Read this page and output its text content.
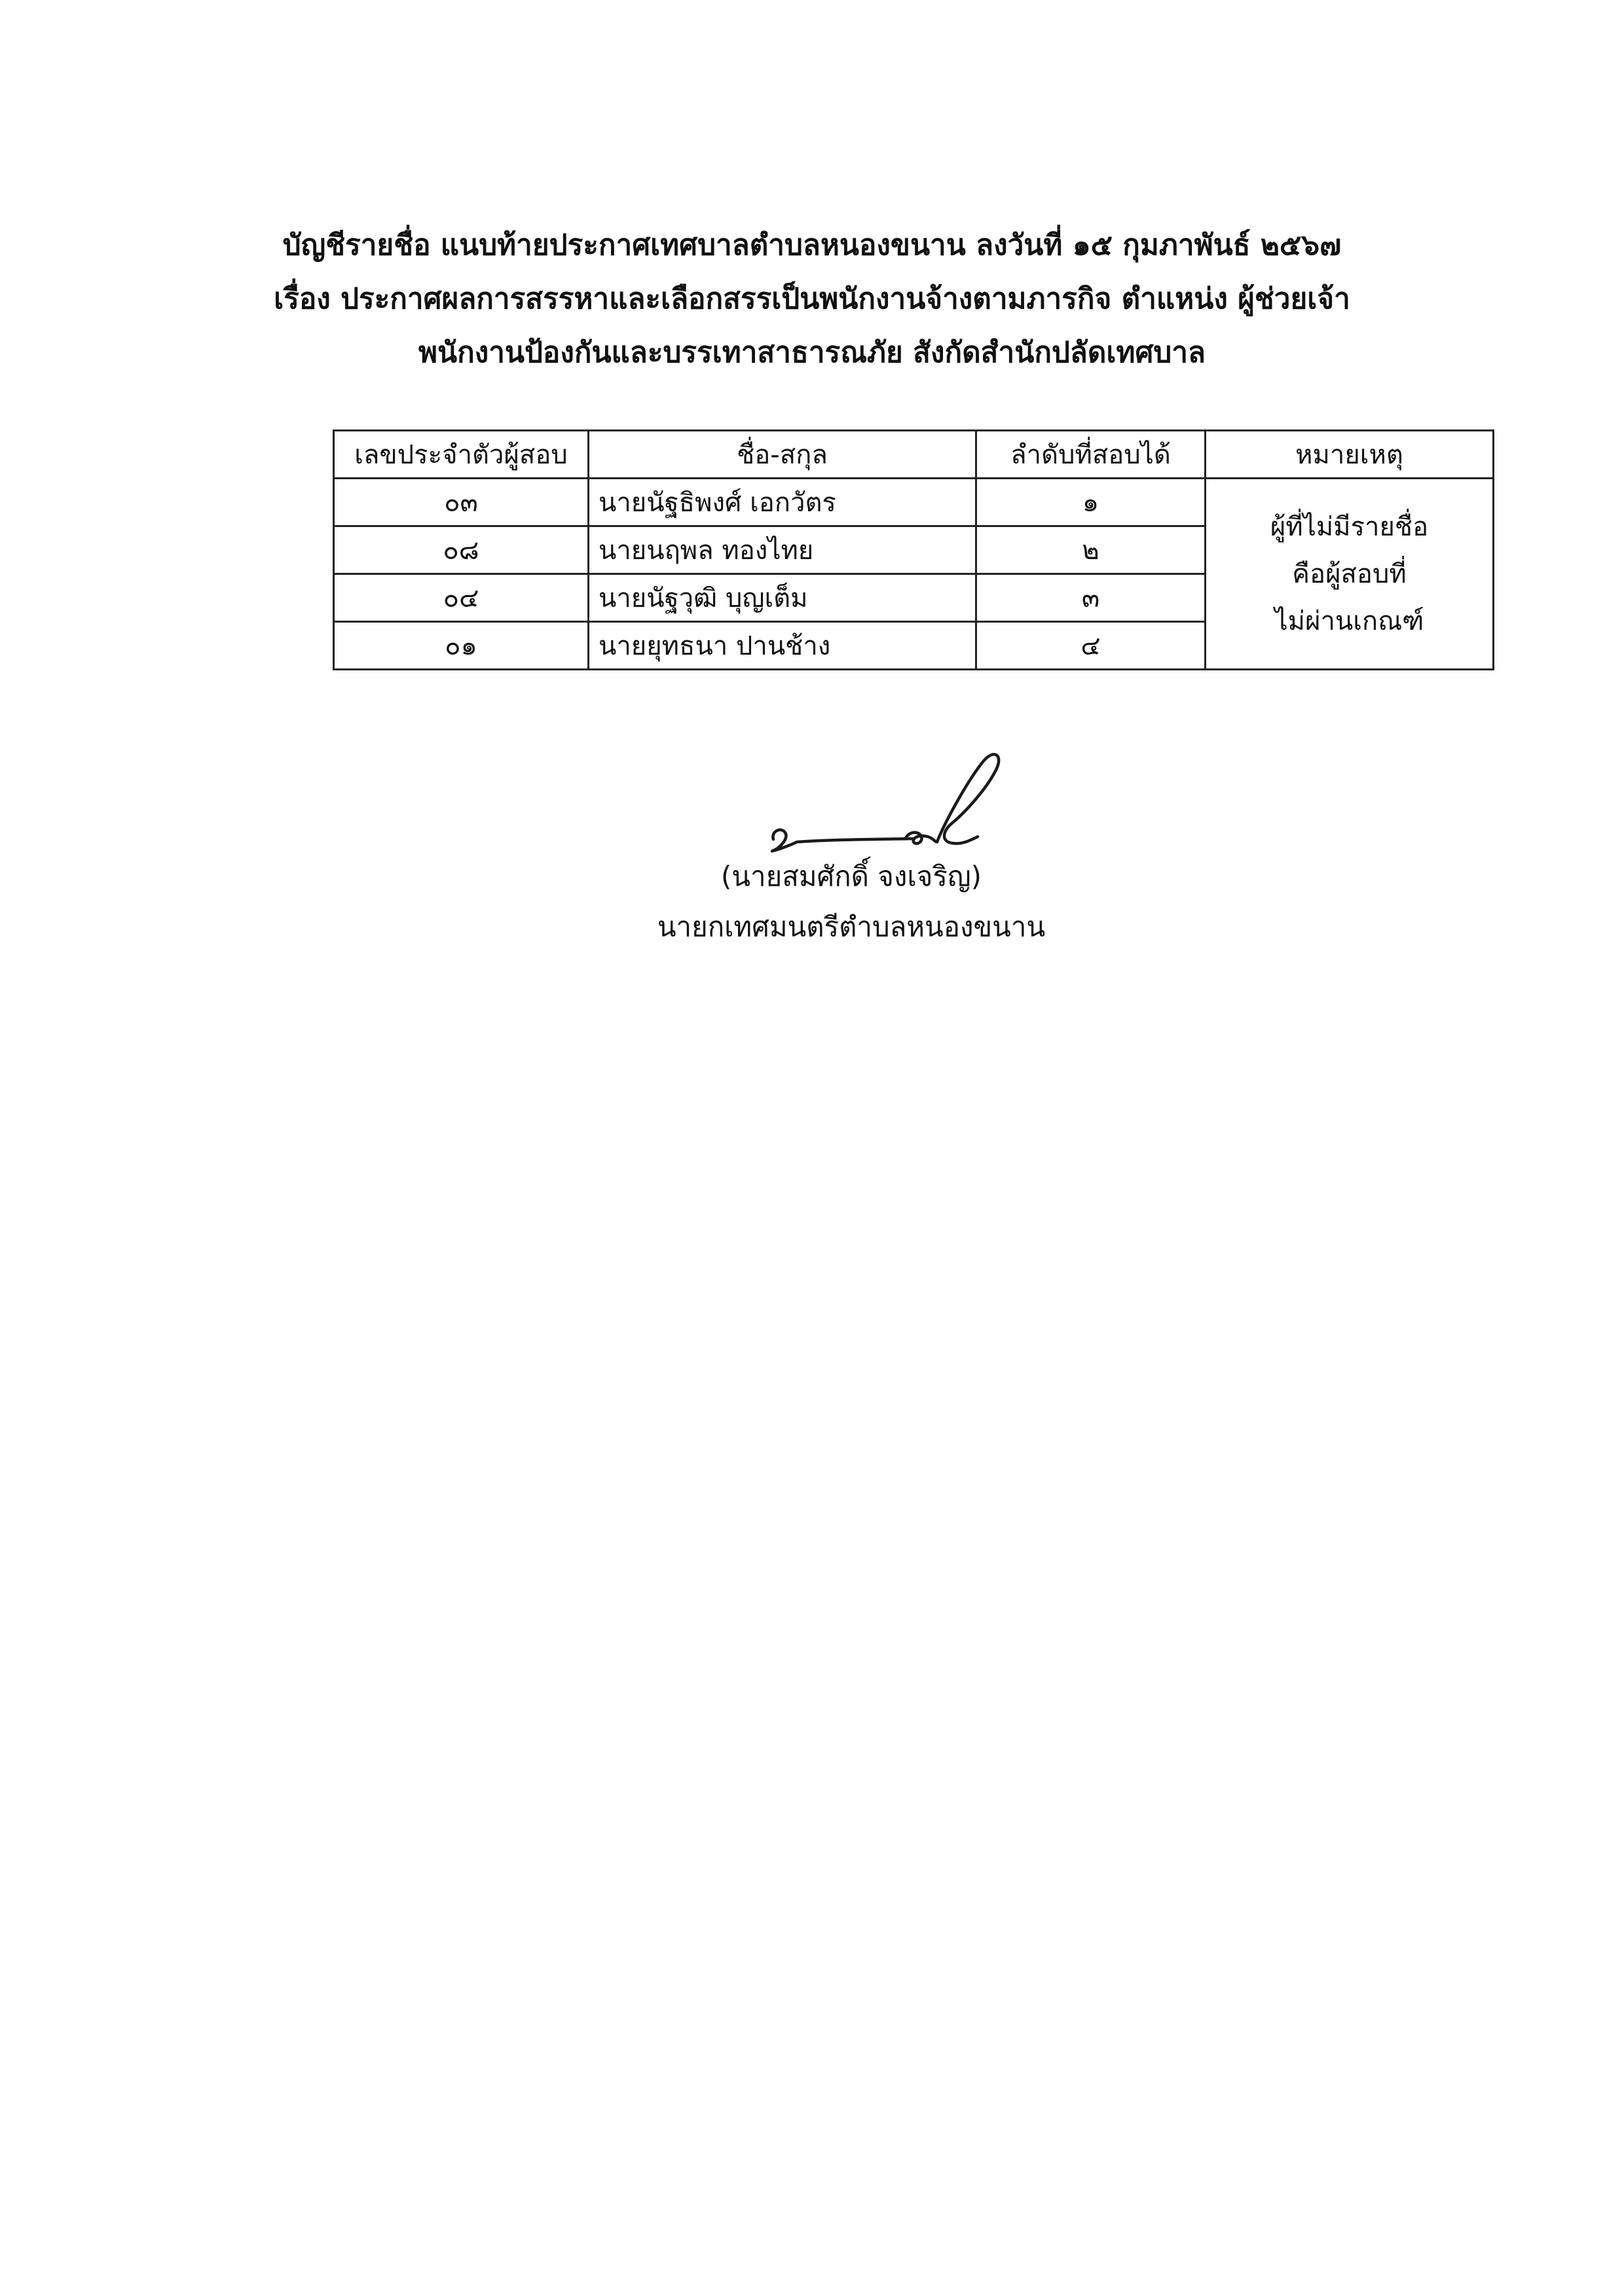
บัญชีรายชื่อ แนบท้ายประกาศเทศบาลตำบลหนองขนาน ลงวันที่ ๑๕ กุมภาพันธ์ ๒๕๖๗
เรื่อง ประกาศผลการสรรหาและเลือกสรรเป็นพนักงานจ้างตามภารกิจ ตำแหน่ง ผู้ช่วยเจ้า
พนักงานป้องกันและบรรเทาสาธารณภัย สังกัดสำนักปลัดเทศบาล
เลขประจำตัวผู้สอบ	ชื่อ-สกุล	ลำดับที่สอบได้	หมายเหตุ
๐๓	นายนัฐธิพงศ์ เอกวัตร	๑	ผู้ที่ไม่มีรายชื่อ
คือผู้สอบที่
ไม่ผ่านเกณฑ์

๐๘	นายนฤพล ทองไทย	๒	
๐๔	นายนัฐวุฒิ บุญเต็ม	๓	
๐๑	นายยุทธนา ปานช้าง	๔	
(นายสมศักดิ์ จงเจริญ)
นายกเทศมนตรีตำบลหนองขนาน
